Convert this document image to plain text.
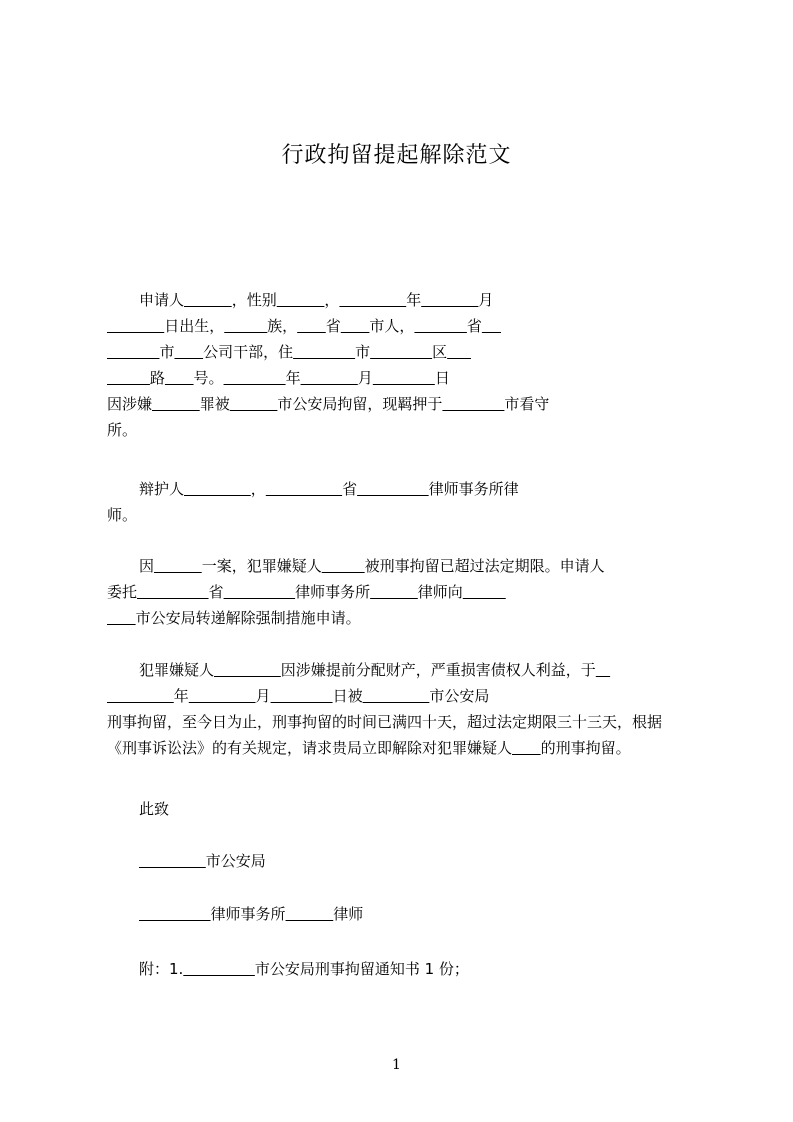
行政拘留提起解除范文
申请人	，性别	，	年	月
日出生，	族， 省 市人，	省
市 公司干部，住	市	区
路 号。	年	月	日
因涉嫌	罪被	市公安局拘留，现羁押于	市看守
所。
辩护人	，	省	律师事务所律
师。
因	一案，犯罪嫌疑人	被刑事拘留已超过法定期限。申请人
委托	省	律师事务所	律师向
市公安局转递解除强制措施申请。
犯罪嫌疑人	因涉嫌提前分配财产，严重损害债权人利益，于
年	月	日被	市公安局
刑事拘留，至今日为止，刑事拘留的时间已满四十天，超过法定期限三十三天，根据
《刑事诉讼法》的有关规定，请求贵局立即解除对犯罪嫌疑人 的刑事拘留。
此致
市公安局
律师事务所	律师
附：1.	市公安局刑事拘留通知书 1 份；
1
